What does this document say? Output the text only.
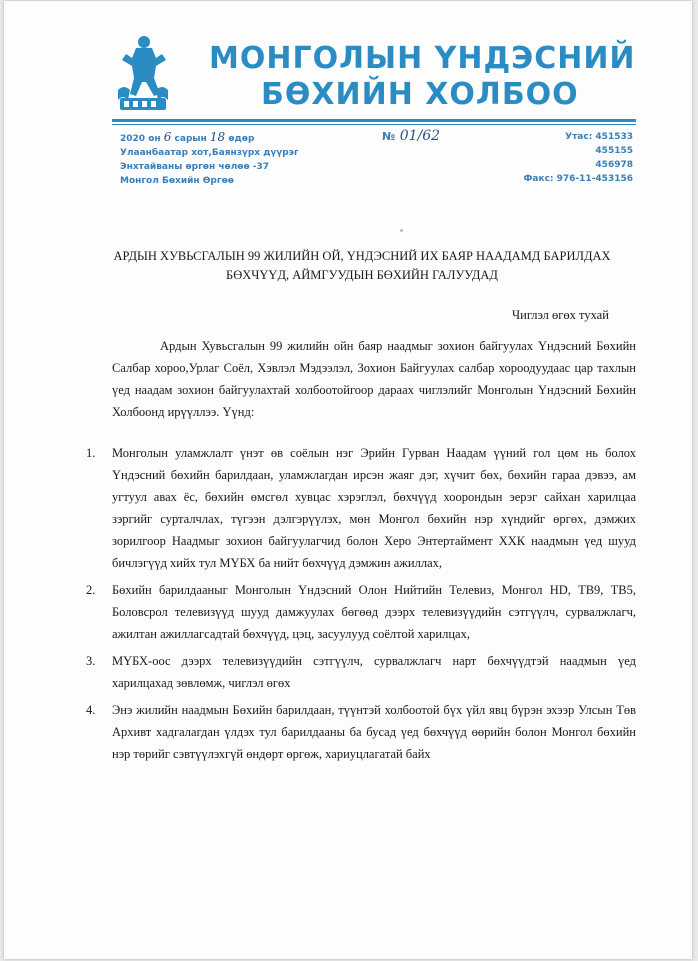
МОНГОЛЫН ҮНДЭСНИЙ
БӨХИЙН ХОЛБОО
2020 он 6 сарын 18 өдөр
Улаанбаатар хот,Баянзүрх дүүрэг
Энхтайваны өргөн чөлөө -37
Монгол Бөхийн Өргөө
№ 01/62	Утас: 451533
455155
456978
Факс: 976-11-453156
АРДЫН ХУВЬСГАЛЫН 99 ЖИЛИЙН ОЙ, ҮНДЭСНИЙ ИХ БАЯР НААДАМД БАРИЛДАХ БӨХЧҮҮД, АЙМГУУДЫН БӨХИЙН ГАЛУУДАД
Чиглэл өгөх тухай
Ардын Хувьсгалын 99 жилийн ойн баяр наадмыг зохион байгуулах Үндэсний Бөхийн Салбар хороо,Урлаг Соёл, Хэвлэл Мэдээлэл, Зохион Байгуулах салбар хороодуудаас цар тахлын үед наадам зохион байгуулахтай холбоотойгоор дараах чиглэлийг Монголын Үндэсний Бөхийн Холбоонд ирүүллээ. Үүнд:
1. Монголын уламжлалт үнэт өв соёлын нэг Эрийн Гурван Наадам үүний гол цөм нь болох Үндэсний бөхийн барилдаан, уламжлагдан ирсэн жаяг дэг, хүчит бөх, бөхийн гараа дэвээ, ам угтуул авах ёс, бөхийн өмсгөл хувцас хэрэглэл, бөхчүүд хоорондын эерэг сайхан харилцаа зэргийг сурталчлах, түгээн дэлгэрүүлэх, мөн Монгол бөхийн нэр хүндийг өргөх, дэмжих зорилгоор Наадмыг зохион байгуулагчид болон Херо Энтертаймент ХХК наадмын үед шууд бичлэгүүд хийх тул МҮБХ ба нийт бөхчүүд дэмжин ажиллах,
2. Бөхийн барилдааныг Монголын Үндэсний Олон Нийтийн Телевиз, Монгол HD, ТВ9, ТВ5, Боловсрол телевизүүд шууд дамжуулах бөгөөд дээрх телевизүүдийн сэтгүүлч, сурвалжлагч, ажилтан ажиллагсадтай бөхчүүд, цэц, засуулууд соёлтой харилцах,
3. МҮБХ-оос дээрх телевизүүдийн сэтгүүлч, сурвалжлагч нарт бөхчүүдтэй наадмын үед харилцахад зөвлөмж, чиглэл өгөх
4. Энэ жилийн наадмын Бөхийн барилдаан, түүнтэй холбоотой бүх үйл явц бүрэн эхээр Улсын Төв Архивт хадгалагдан үлдэх тул барилдааны ба бусад үед бөхчүүд өөрийн болон Монгол бөхийн нэр төрийг сэвтүүлэхгүй өндөрт өргөж, хариуцлагатай байх
